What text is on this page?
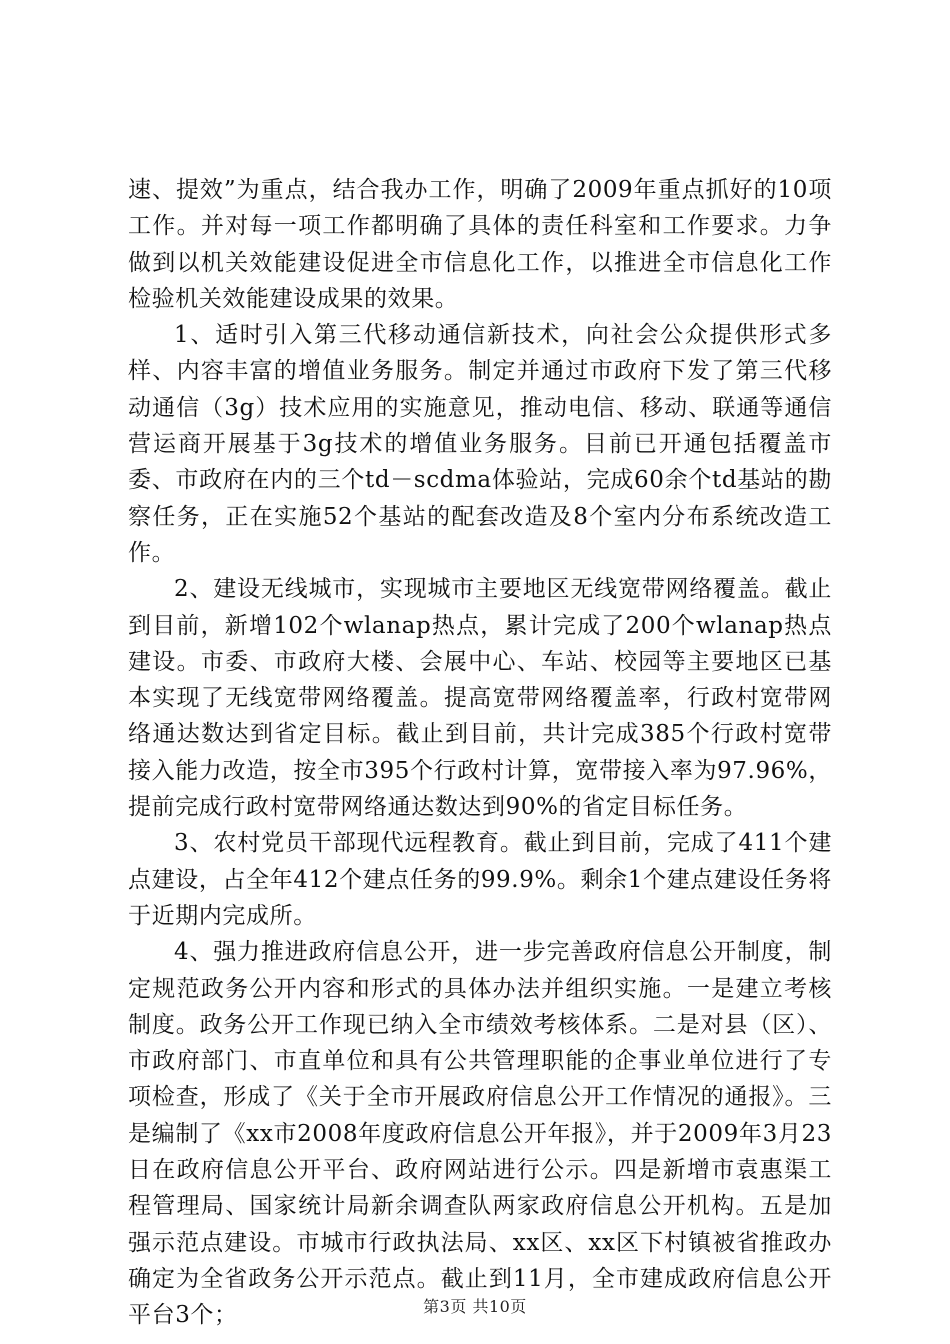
速、提效”为重点，结合我办工作，明确了2009年重点抓好的10项工作。并对每一项工作都明确了具体的责任科室和工作要求。力争做到以机关效能建设促进全市信息化工作，以推进全市信息化工作检验机关效能建设成果的效果。

1、适时引入第三代移动通信新技术，向社会公众提供形式多样、内容丰富的增值业务服务。制定并通过市政府下发了第三代移动通信（3g）技术应用的实施意见，推动电信、移动、联通等通信营运商开展基于3g技术的增值业务服务。目前已开通包括覆盖市委、市政府在内的三个td－scdma体验站，完成60余个td基站的勘察任务，正在实施52个基站的配套改造及8个室内分布系统改造工作。

2、建设无线城市，实现城市主要地区无线宽带网络覆盖。截止到目前，新增102个wlanap热点，累计完成了200个wlanap热点建设。市委、市政府大楼、会展中心、车站、校园等主要地区已基本实现了无线宽带网络覆盖。提高宽带网络覆盖率，行政村宽带网络通达数达到省定目标。截止到目前，共计完成385个行政村宽带接入能力改造，按全市395个行政村计算，宽带接入率为97.96%，提前完成行政村宽带网络通达数达到90%的省定目标任务。

3、农村党员干部现代远程教育。截止到目前，完成了411个建点建设，占全年412个建点任务的99.9%。剩余1个建点建设任务将于近期内完成所。

4、强力推进政府信息公开，进一步完善政府信息公开制度，制定规范政务公开内容和形式的具体办法并组织实施。一是建立考核制度。政务公开工作现已纳入全市绩效考核体系。二是对县（区）、市政府部门、市直单位和具有公共管理职能的企事业单位进行了专项检查，形成了《关于全市开展政府信息公开工作情况的通报》。三是编制了《xx市2008年度政府信息公开年报》，并于2009年3月23日在政府信息公开平台、政府网站进行公示。四是新增市袁惠渠工程管理局、国家统计局新余调查队两家政府信息公开机构。五是加强示范点建设。市城市行政执法局、xx区、xx区下村镇被省推政办确定为全省政务公开示范点。截止到11月，全市建成政府信息公开平台3个；	第3页 共10页
